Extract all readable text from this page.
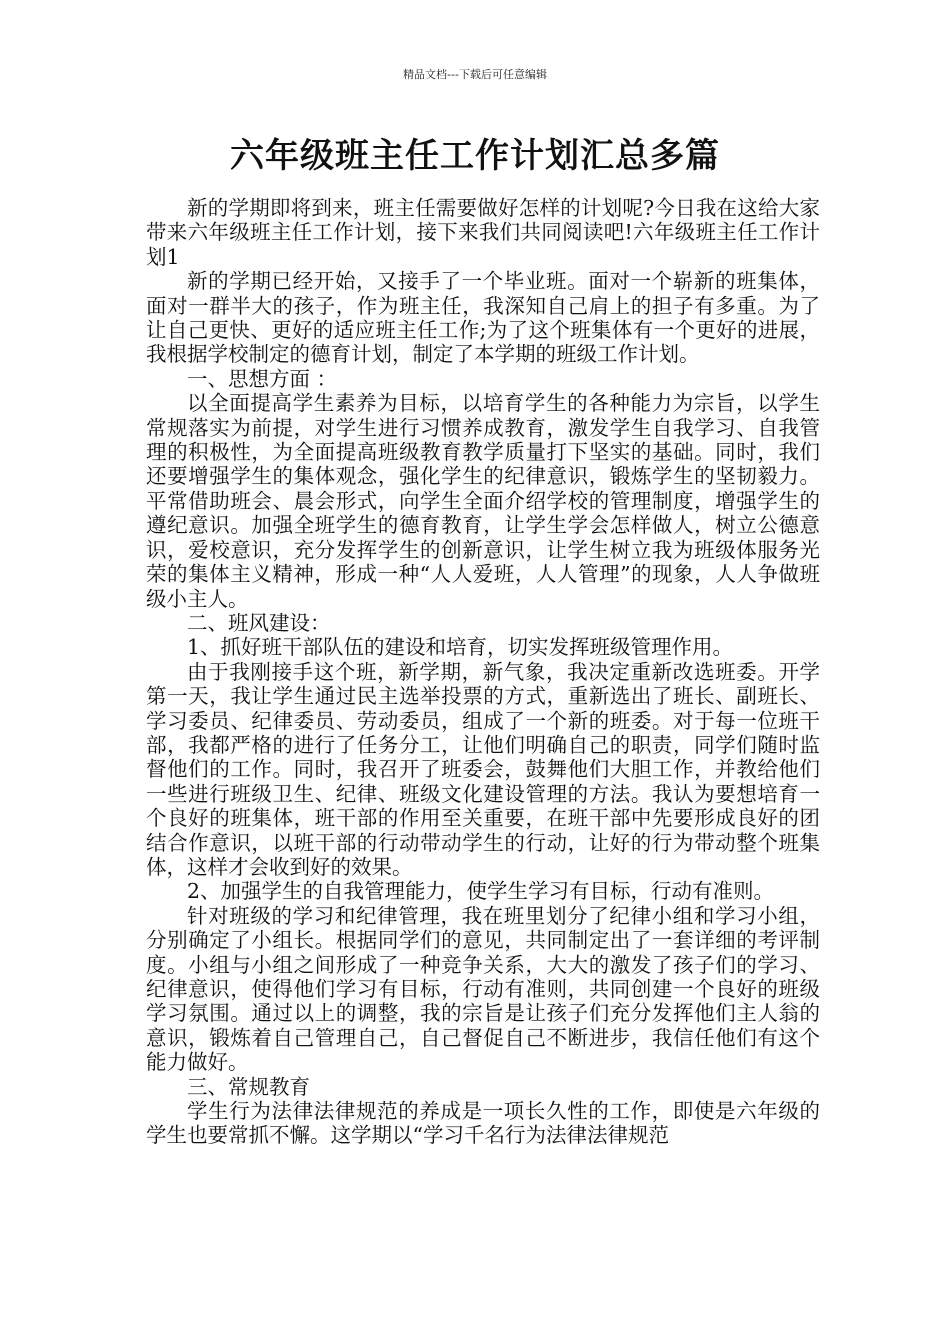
精品文档---下载后可任意编辑
六年级班主任工作计划汇总多篇

新的学期即将到来，班主任需要做好怎样的计划呢?今日我在这给大家带来六年级班主任工作计划，接下来我们共同阅读吧!六年级班主任工作计划1

新的学期已经开始，又接手了一个毕业班。面对一个崭新的班集体，面对一群半大的孩子，作为班主任，我深知自己肩上的担子有多重。为了让自己更快、更好的适应班主任工作;为了这个班集体有一个更好的进展，我根据学校制定的德育计划，制定了本学期的班级工作计划。

一、思想方面 ：

以全面提高学生素养为目标，以培育学生的各种能力为宗旨，以学生常规落实为前提，对学生进行习惯养成教育，激发学生自我学习、自我管理的积极性，为全面提高班级教育教学质量打下坚实的基础。同时，我们还要增强学生的集体观念，强化学生的纪律意识，锻炼学生的坚韧毅力。平常借助班会、晨会形式，向学生全面介绍学校的管理制度，增强学生的遵纪意识。加强全班学生的德育教育，让学生学会怎样做人，树立公德意识，爱校意识，充分发挥学生的创新意识，让学生树立我为班级体服务光荣的集体主义精神，形成一种“人人爱班，人人管理”的现象，人人争做班级小主人。

二、班风建设：

1、抓好班干部队伍的建设和培育，切实发挥班级管理作用。

由于我刚接手这个班，新学期，新气象，我决定重新改选班委。开学第一天，我让学生通过民主选举投票的方式，重新选出了班长、副班长、学习委员、纪律委员、劳动委员，组成了一个新的班委。对于每一位班干部，我都严格的进行了任务分工，让他们明确自己的职责，同学们随时监督他们的工作。同时，我召开了班委会，鼓舞他们大胆工作，并教给他们一些进行班级卫生、纪律、班级文化建设管理的方法。我认为要想培育一个良好的班集体，班干部的作用至关重要，在班干部中先要形成良好的团结合作意识，以班干部的行动带动学生的行动，让好的行为带动整个班集体，这样才会收到好的效果。

2、加强学生的自我管理能力，使学生学习有目标，行动有准则。

针对班级的学习和纪律管理，我在班里划分了纪律小组和学习小组，分别确定了小组长。根据同学们的意见，共同制定出了一套详细的考评制度。小组与小组之间形成了一种竞争关系，大大的激发了孩子们的学习、纪律意识，使得他们学习有目标，行动有准则，共同创建一个良好的班级学习氛围。通过以上的调整，我的宗旨是让孩子们充分发挥他们主人翁的意识，锻炼着自己管理自己，自己督促自己不断进步，我信任他们有这个能力做好。

三、常规教育

学生行为法律法律规范的养成是一项长久性的工作，即使是六年级的学生也要常抓不懈。这学期以“学习千名行为法律法律规范
